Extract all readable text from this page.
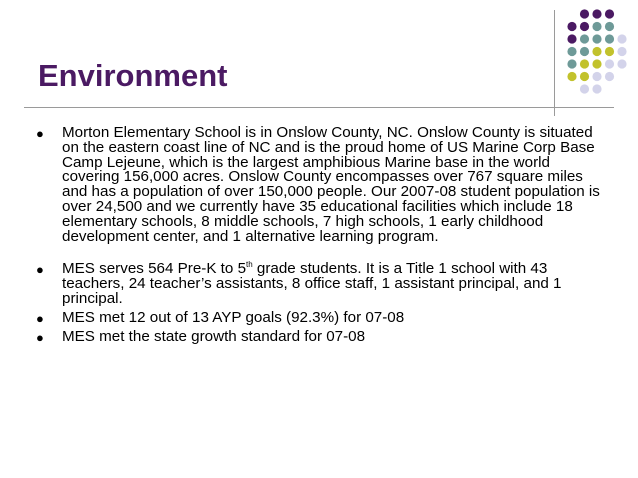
Environment
● Morton Elementary School is in Onslow County, NC. Onslow County is situated on the eastern coast line of NC and is the proud home of US Marine Corp Base Camp Lejeune, which is the largest amphibious Marine base in the world covering 156,000 acres. Onslow County encompasses over 767 square miles and has a population of over 150,000 people. Our 2007-08 student population is over 24,500 and we currently have 35 educational facilities which include 18 elementary schools, 8 middle schools, 7 high schools, 1 early childhood development center, and 1 alternative learning program.
● MES serves 564 Pre-K to 5th grade students. It is a Title 1 school with 43 teachers, 24 teacher’s assistants, 8 office staff, 1 assistant principal, and 1 principal.
● MES met 12 out of 13 AYP goals (92.3%) for 07-08
● MES met the state growth standard for 07-08
